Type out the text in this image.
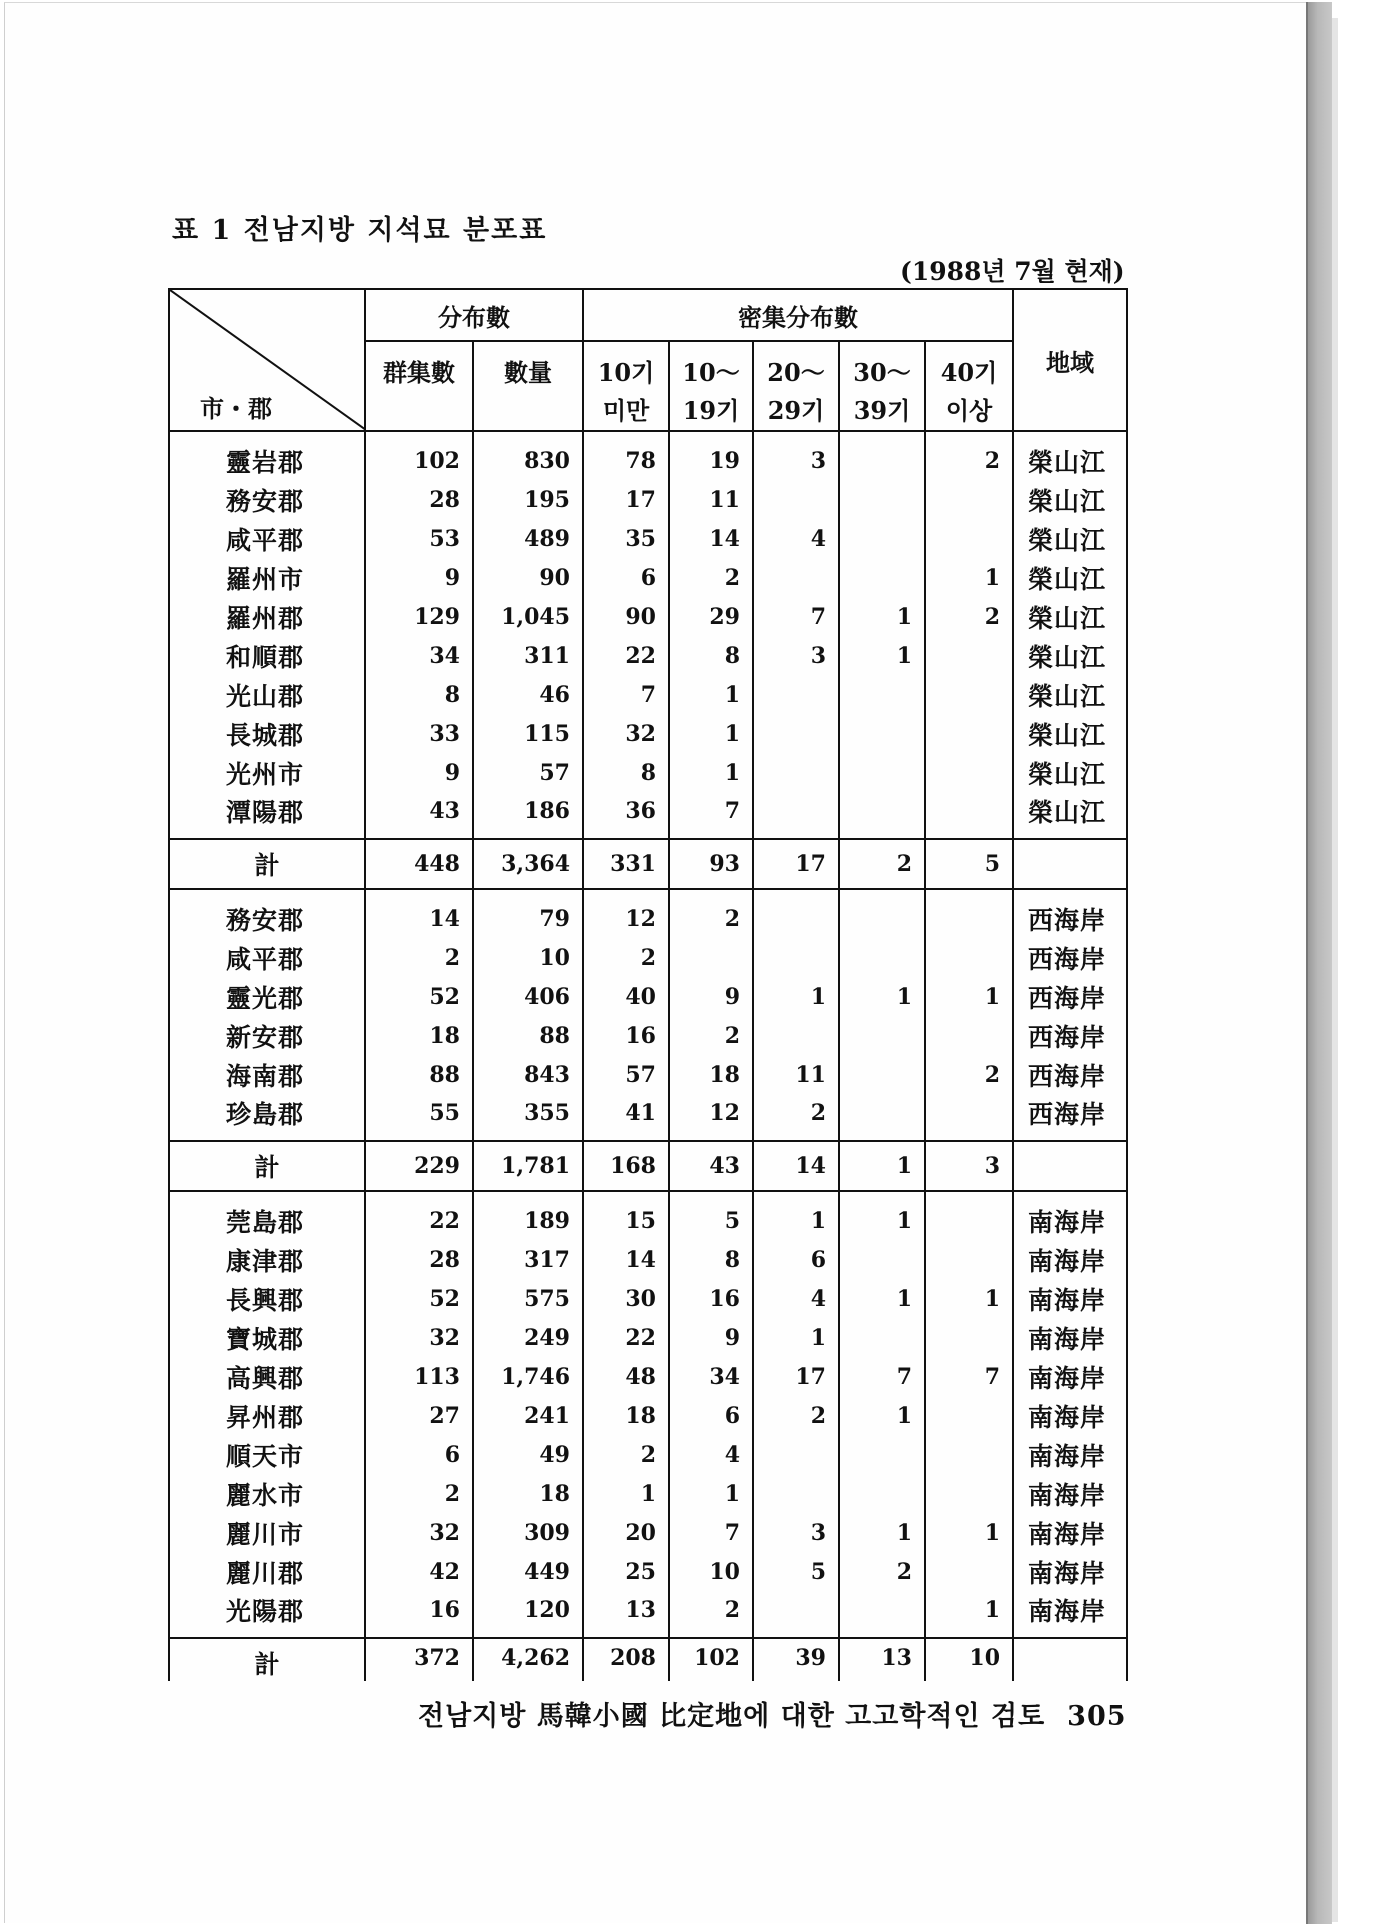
표 1 전남지방 지석묘 분포표
(1988년 7월 현재)
市・郡	分布數		密集分布數					地域
	群集數	數量	10기 미만	10～ 19기	20～ 29기	30～ 39기	40기 이상	
靈岩郡	102	830	78	19	3		2	榮山江
務安郡	28	195	17	11				榮山江
咸平郡	53	489	35	14	4			榮山江
羅州市	9	90	6	2			1	榮山江
羅州郡	129	1,045	90	29	7	1	2	榮山江
和順郡	34	311	22	8	3	1		榮山江
光山郡	8	46	7	1				榮山江
長城郡	33	115	32	1				榮山江
光州市	9	57	8	1				榮山江
潭陽郡	43	186	36	7				榮山江
計	448	3,364	331	93	17	2	5	
務安郡	14	79	12	2				西海岸
咸平郡	2	10	2					西海岸
靈光郡	52	406	40	9	1	1	1	西海岸
新安郡	18	88	16	2				西海岸
海南郡	88	843	57	18	11		2	西海岸
珍島郡	55	355	41	12	2			西海岸
計	229	1,781	168	43	14	1	3	
莞島郡	22	189	15	5	1	1		南海岸
康津郡	28	317	14	8	6			南海岸
長興郡	52	575	30	16	4	1	1	南海岸
寶城郡	32	249	22	9	1			南海岸
高興郡	113	1,746	48	34	17	7	7	南海岸
昇州郡	27	241	18	6	2	1		南海岸
順天市	6	49	2	4				南海岸
麗水市	2	18	1	1				南海岸
麗川市	32	309	20	7	3	1	1	南海岸
麗川郡	42	449	25	10	5	2		南海岸
光陽郡	16	120	13	2			1	南海岸
計	372	4,262	208	102	39	13	10	
전남지방 馬韓小國 比定地에 대한 고고학적인 검토 305
